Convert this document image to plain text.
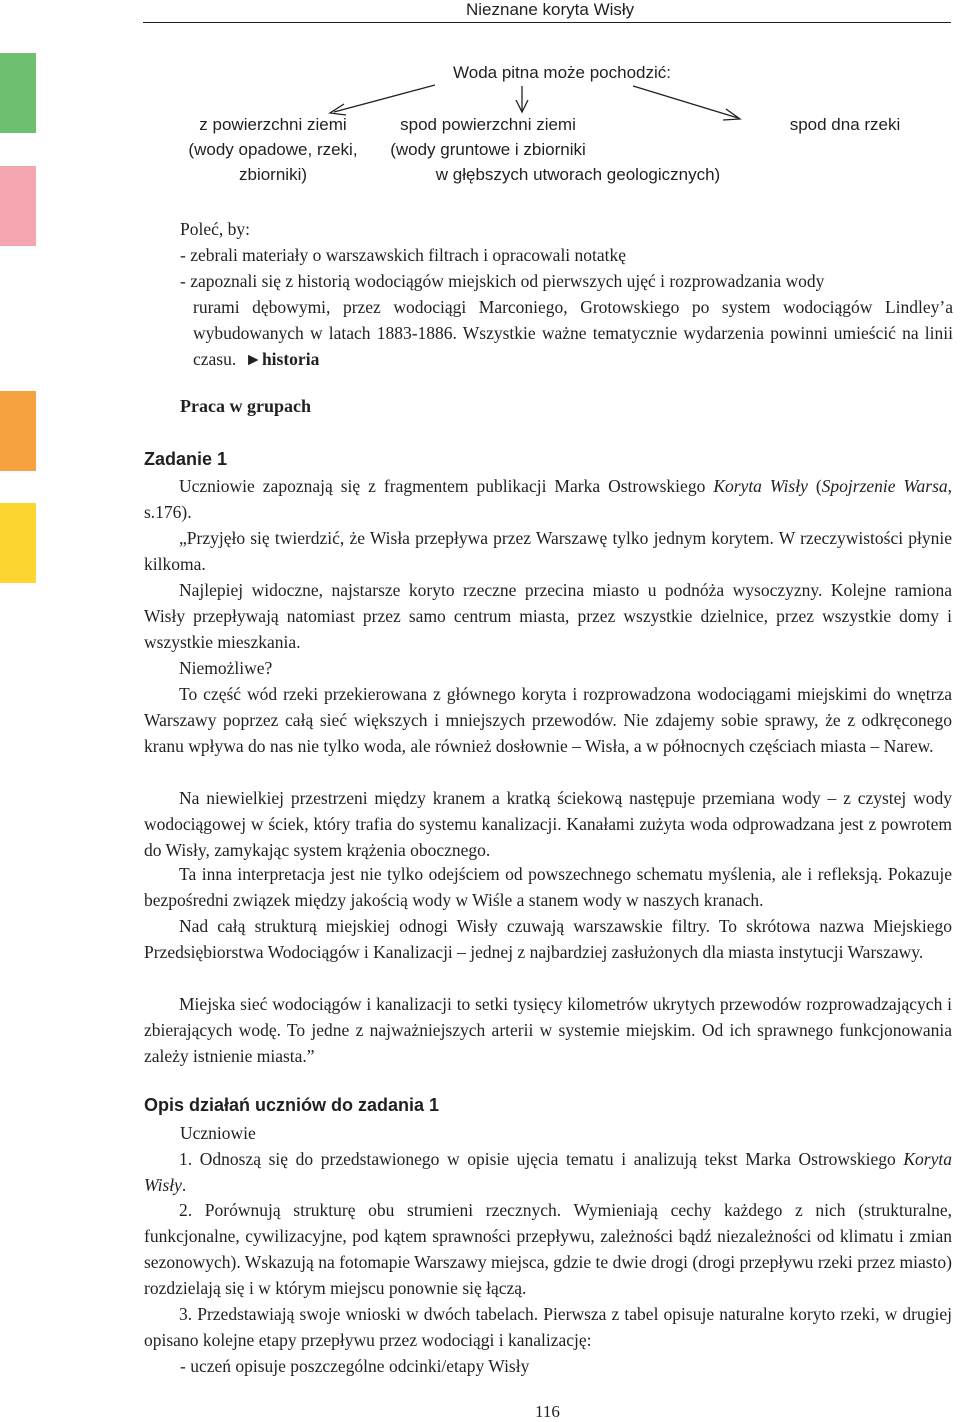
Nieznane koryta Wisły
Woda pitna może pochodzić:
z powierzchni ziemi
(wody opadowe, rzeki,
zbiorniki)
spod powierzchni ziemi
(wody gruntowe i zbiorniki
w głębszych utworach geologicznych)
spod dna rzeki
Poleć, by:
- zebrali materiały o warszawskich filtrach i opracowali notatkę
- zapoznali się z historią wodociągów miejskich od pierwszych ujęć i rozprowadzania wody

rurami dębowymi, przez wodociągi Marconiego, Grotowskiego po system wodociągów Lindley’a wybudowanych w latach 1883-1886. Wszystkie ważne tematycznie wydarzenia powinni umieścić na linii czasu. ►historia

Praca w grupach
Zadanie 1

Uczniowie zapoznają się z fragmentem publikacji Marka Ostrowskiego Koryta Wisły (Spojrzenie Warsa, s.176).

„Przyjęło się twierdzić, że Wisła przepływa przez Warszawę tylko jednym korytem. W rzeczywistości płynie kilkoma.

Najlepiej widoczne, najstarsze koryto rzeczne przecina miasto u podnóża wysoczyzny. Kolejne ramiona Wisły przepływają natomiast przez samo centrum miasta, przez wszystkie dzielnice, przez wszystkie domy i wszystkie mieszkania.

Niemożliwe?

To część wód rzeki przekierowana z głównego koryta i rozprowadzona wodociągami miejskimi do wnętrza Warszawy poprzez całą sieć większych i mniejszych przewodów. Nie zdajemy sobie sprawy, że z odkręconego kranu wpływa do nas nie tylko woda, ale również dosłownie – Wisła, a w północnych częściach miasta – Narew.

Na niewielkiej przestrzeni między kranem a kratką ściekową następuje przemiana wody – z czystej wody wodociągowej w ściek, który trafia do systemu kanalizacji. Kanałami zużyta woda odprowadzana jest z powrotem do Wisły, zamykając system krążenia obocznego.

Ta inna interpretacja jest nie tylko odejściem od powszechnego schematu myślenia, ale i refleksją. Pokazuje bezpośredni związek między jakością wody w Wiśle a stanem wody w naszych kranach.

Nad całą strukturą miejskiej odnogi Wisły czuwają warszawskie filtry. To skrótowa nazwa Miejskiego Przedsiębiorstwa Wodociągów i Kanalizacji – jednej z najbardziej zasłużonych dla miasta instytucji Warszawy.

Miejska sieć wodociągów i kanalizacji to setki tysięcy kilometrów ukrytych przewodów rozprowadzających i zbierających wodę. To jedne z najważniejszych arterii w systemie miejskim. Od ich sprawnego funkcjonowania zależy istnienie miasta.”

Opis działań uczniów do zadania 1
Uczniowie

1. Odnoszą się do przedstawionego w opisie ujęcia tematu i analizują tekst Marka Ostrowskiego Koryta Wisły.

2. Porównują strukturę obu strumieni rzecznych. Wymieniają cechy każdego z nich (strukturalne, funkcjonalne, cywilizacyjne, pod kątem sprawności przepływu, zależności bądź niezależności od klimatu i zmian sezonowych). Wskazują na fotomapie Warszawy miejsca, gdzie te dwie drogi (drogi przepływu rzeki przez miasto) rozdzielają się i w którym miejscu ponownie się łączą.

3. Przedstawiają swoje wnioski w dwóch tabelach. Pierwsza z tabel opisuje naturalne koryto rzeki, w drugiej opisano kolejne etapy przepływu przez wodociągi i kanalizację:

- uczeń opisuje poszczególne odcinki/etapy Wisły
116
